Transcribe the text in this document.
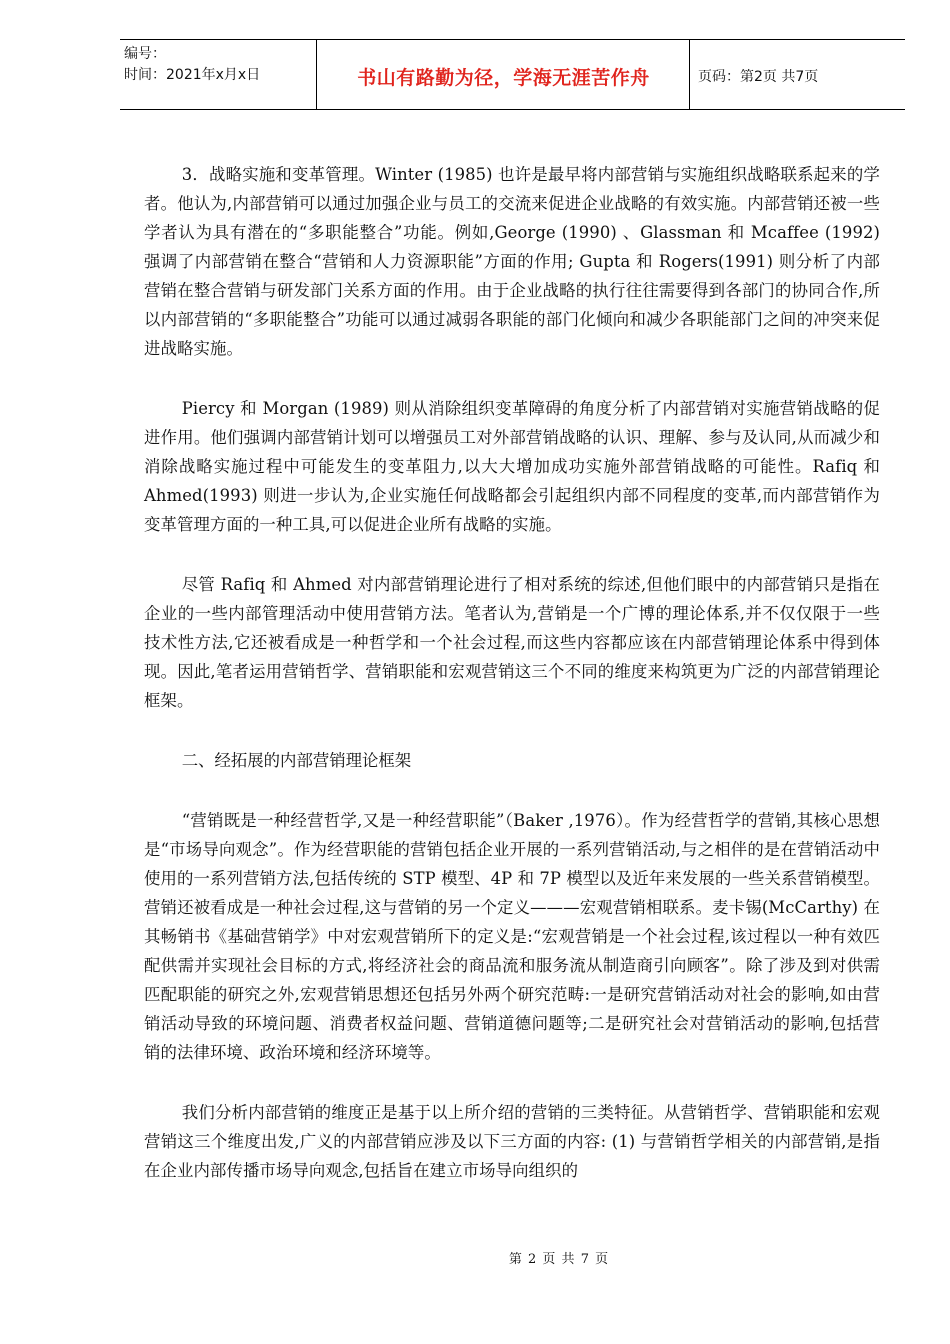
编号：
时间：2021年x月x日	书山有路勤为径，学海无涯苦作舟	页码：第2页 共7页

3．战略实施和变革管理。Winter (1985) 也许是最早将内部营销与实施组织战略联系起来的学者。他认为,内部营销可以通过加强企业与员工的交流来促进企业战略的有效实施。内部营销还被一些学者认为具有潜在的“多职能整合”功能。例如,George (1990) 、Glassman 和 Mcaffee (1992) 强调了内部营销在整合“营销和人力资源职能”方面的作用; Gupta 和 Rogers(1991) 则分析了内部营销在整合营销与研发部门关系方面的作用。由于企业战略的执行往往需要得到各部门的协同合作,所以内部营销的“多职能整合”功能可以通过减弱各职能的部门化倾向和减少各职能部门之间的冲突来促进战略实施。

Piercy 和 Morgan (1989) 则从消除组织变革障碍的角度分析了内部营销对实施营销战略的促进作用。他们强调内部营销计划可以增强员工对外部营销战略的认识、理解、参与及认同,从而减少和消除战略实施过程中可能发生的变革阻力,以大大增加成功实施外部营销战略的可能性。Rafiq 和 Ahmed(1993) 则进一步认为,企业实施任何战略都会引起组织内部不同程度的变革,而内部营销作为变革管理方面的一种工具,可以促进企业所有战略的实施。

尽管 Rafiq 和 Ahmed 对内部营销理论进行了相对系统的综述,但他们眼中的内部营销只是指在企业的一些内部管理活动中使用营销方法。笔者认为,营销是一个广博的理论体系,并不仅仅限于一些技术性方法,它还被看成是一种哲学和一个社会过程,而这些内容都应该在内部营销理论体系中得到体现。因此,笔者运用营销哲学、营销职能和宏观营销这三个不同的维度来构筑更为广泛的内部营销理论框架。

二、经拓展的内部营销理论框架

“营销既是一种经营哲学,又是一种经营职能”（Baker ,1976）。作为经营哲学的营销,其核心思想是“市场导向观念”。作为经营职能的营销包括企业开展的一系列营销活动,与之相伴的是在营销活动中使用的一系列营销方法,包括传统的 STP 模型、4P 和 7P 模型以及近年来发展的一些关系营销模型。营销还被看成是一种社会过程,这与营销的另一个定义———宏观营销相联系。麦卡锡(McCarthy) 在其畅销书《基础营销学》中对宏观营销所下的定义是:“宏观营销是一个社会过程,该过程以一种有效匹配供需并实现社会目标的方式,将经济社会的商品流和服务流从制造商引向顾客”。除了涉及到对供需匹配职能的研究之外,宏观营销思想还包括另外两个研究范畴:一是研究营销活动对社会的影响,如由营销活动导致的环境问题、消费者权益问题、营销道德问题等;二是研究社会对营销活动的影响,包括营销的法律环境、政治环境和经济环境等。

我们分析内部营销的维度正是基于以上所介绍的营销的三类特征。从营销哲学、营销职能和宏观营销这三个维度出发,广义的内部营销应涉及以下三方面的内容: (1) 与营销哲学相关的内部营销,是指在企业内部传播市场导向观念,包括旨在建立市场导向组织的

第 2 页 共 7 页
